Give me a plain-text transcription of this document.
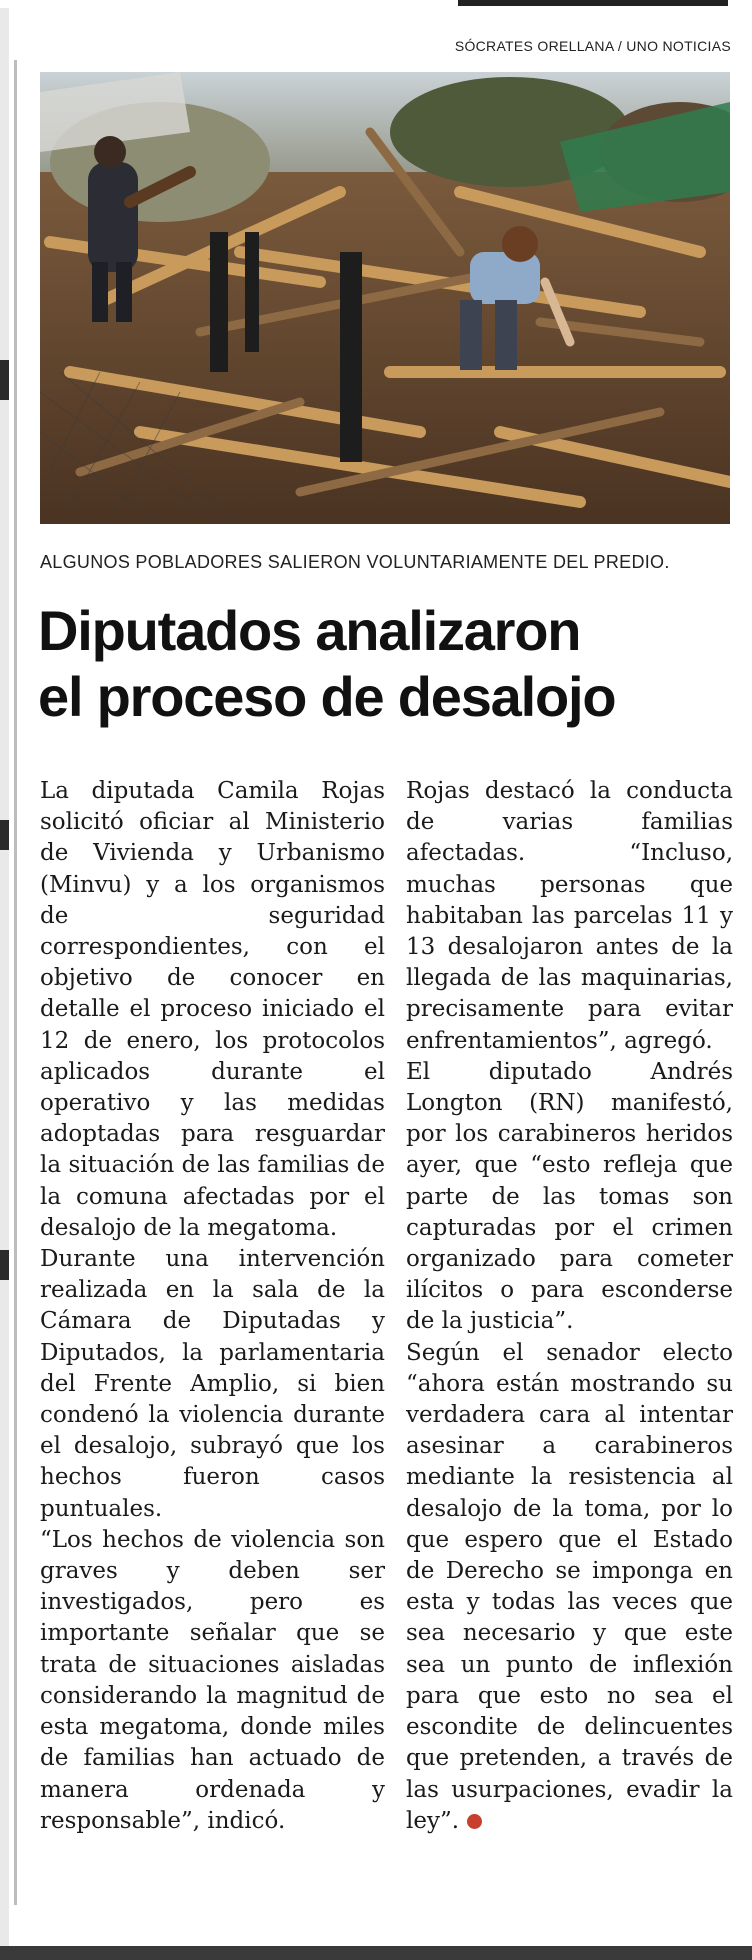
SÓCRATES ORELLANA / UNO NOTICIAS
ALGUNOS POBLADORES SALIERON VOLUNTARIAMENTE DEL PREDIO.
Diputados analizaron
el proceso de desalojo

La diputada Camila Rojas solicitó oficiar al Ministerio de Vivienda y Urbanismo (Minvu) y a los organismos de seguridad correspondientes, con el objetivo de conocer en detalle el proceso iniciado el 12 de enero, los protocolos aplicados durante el operativo y las medidas adoptadas para resguardar la situación de las familias de la comuna afectadas por el desalojo de la megatoma.

Durante una intervención realizada en la sala de la Cámara de Diputadas y Diputados, la parlamentaria del Frente Amplio, si bien condenó la violencia durante el desalojo, subrayó que los hechos fueron casos puntuales.

“Los hechos de violencia son graves y deben ser investigados, pero es importante señalar que se trata de situaciones aisladas considerando la magnitud de esta megatoma, donde miles de familias han actuado de manera ordenada y responsable”, indicó.

Rojas destacó la conducta de varias familias afectadas. “Incluso, muchas personas que habitaban las parcelas 11 y 13 desalojaron antes de la llegada de las maquinarias, precisamente para evitar enfrentamientos”, agregó.

El diputado Andrés Longton (RN) manifestó, por los carabineros heridos ayer, que “esto refleja que parte de las tomas son capturadas por el crimen organizado para cometer ilícitos o para esconderse de la justicia”.

Según el senador electo “ahora están mostrando su verdadera cara al intentar asesinar a carabineros mediante la resistencia al desalojo de la toma, por lo que espero que el Estado de Derecho se imponga en esta y todas las veces que sea necesario y que este sea un punto de inflexión para que esto no sea el escondite de delincuentes que pretenden, a través de las usurpaciones, evadir la ley”.
